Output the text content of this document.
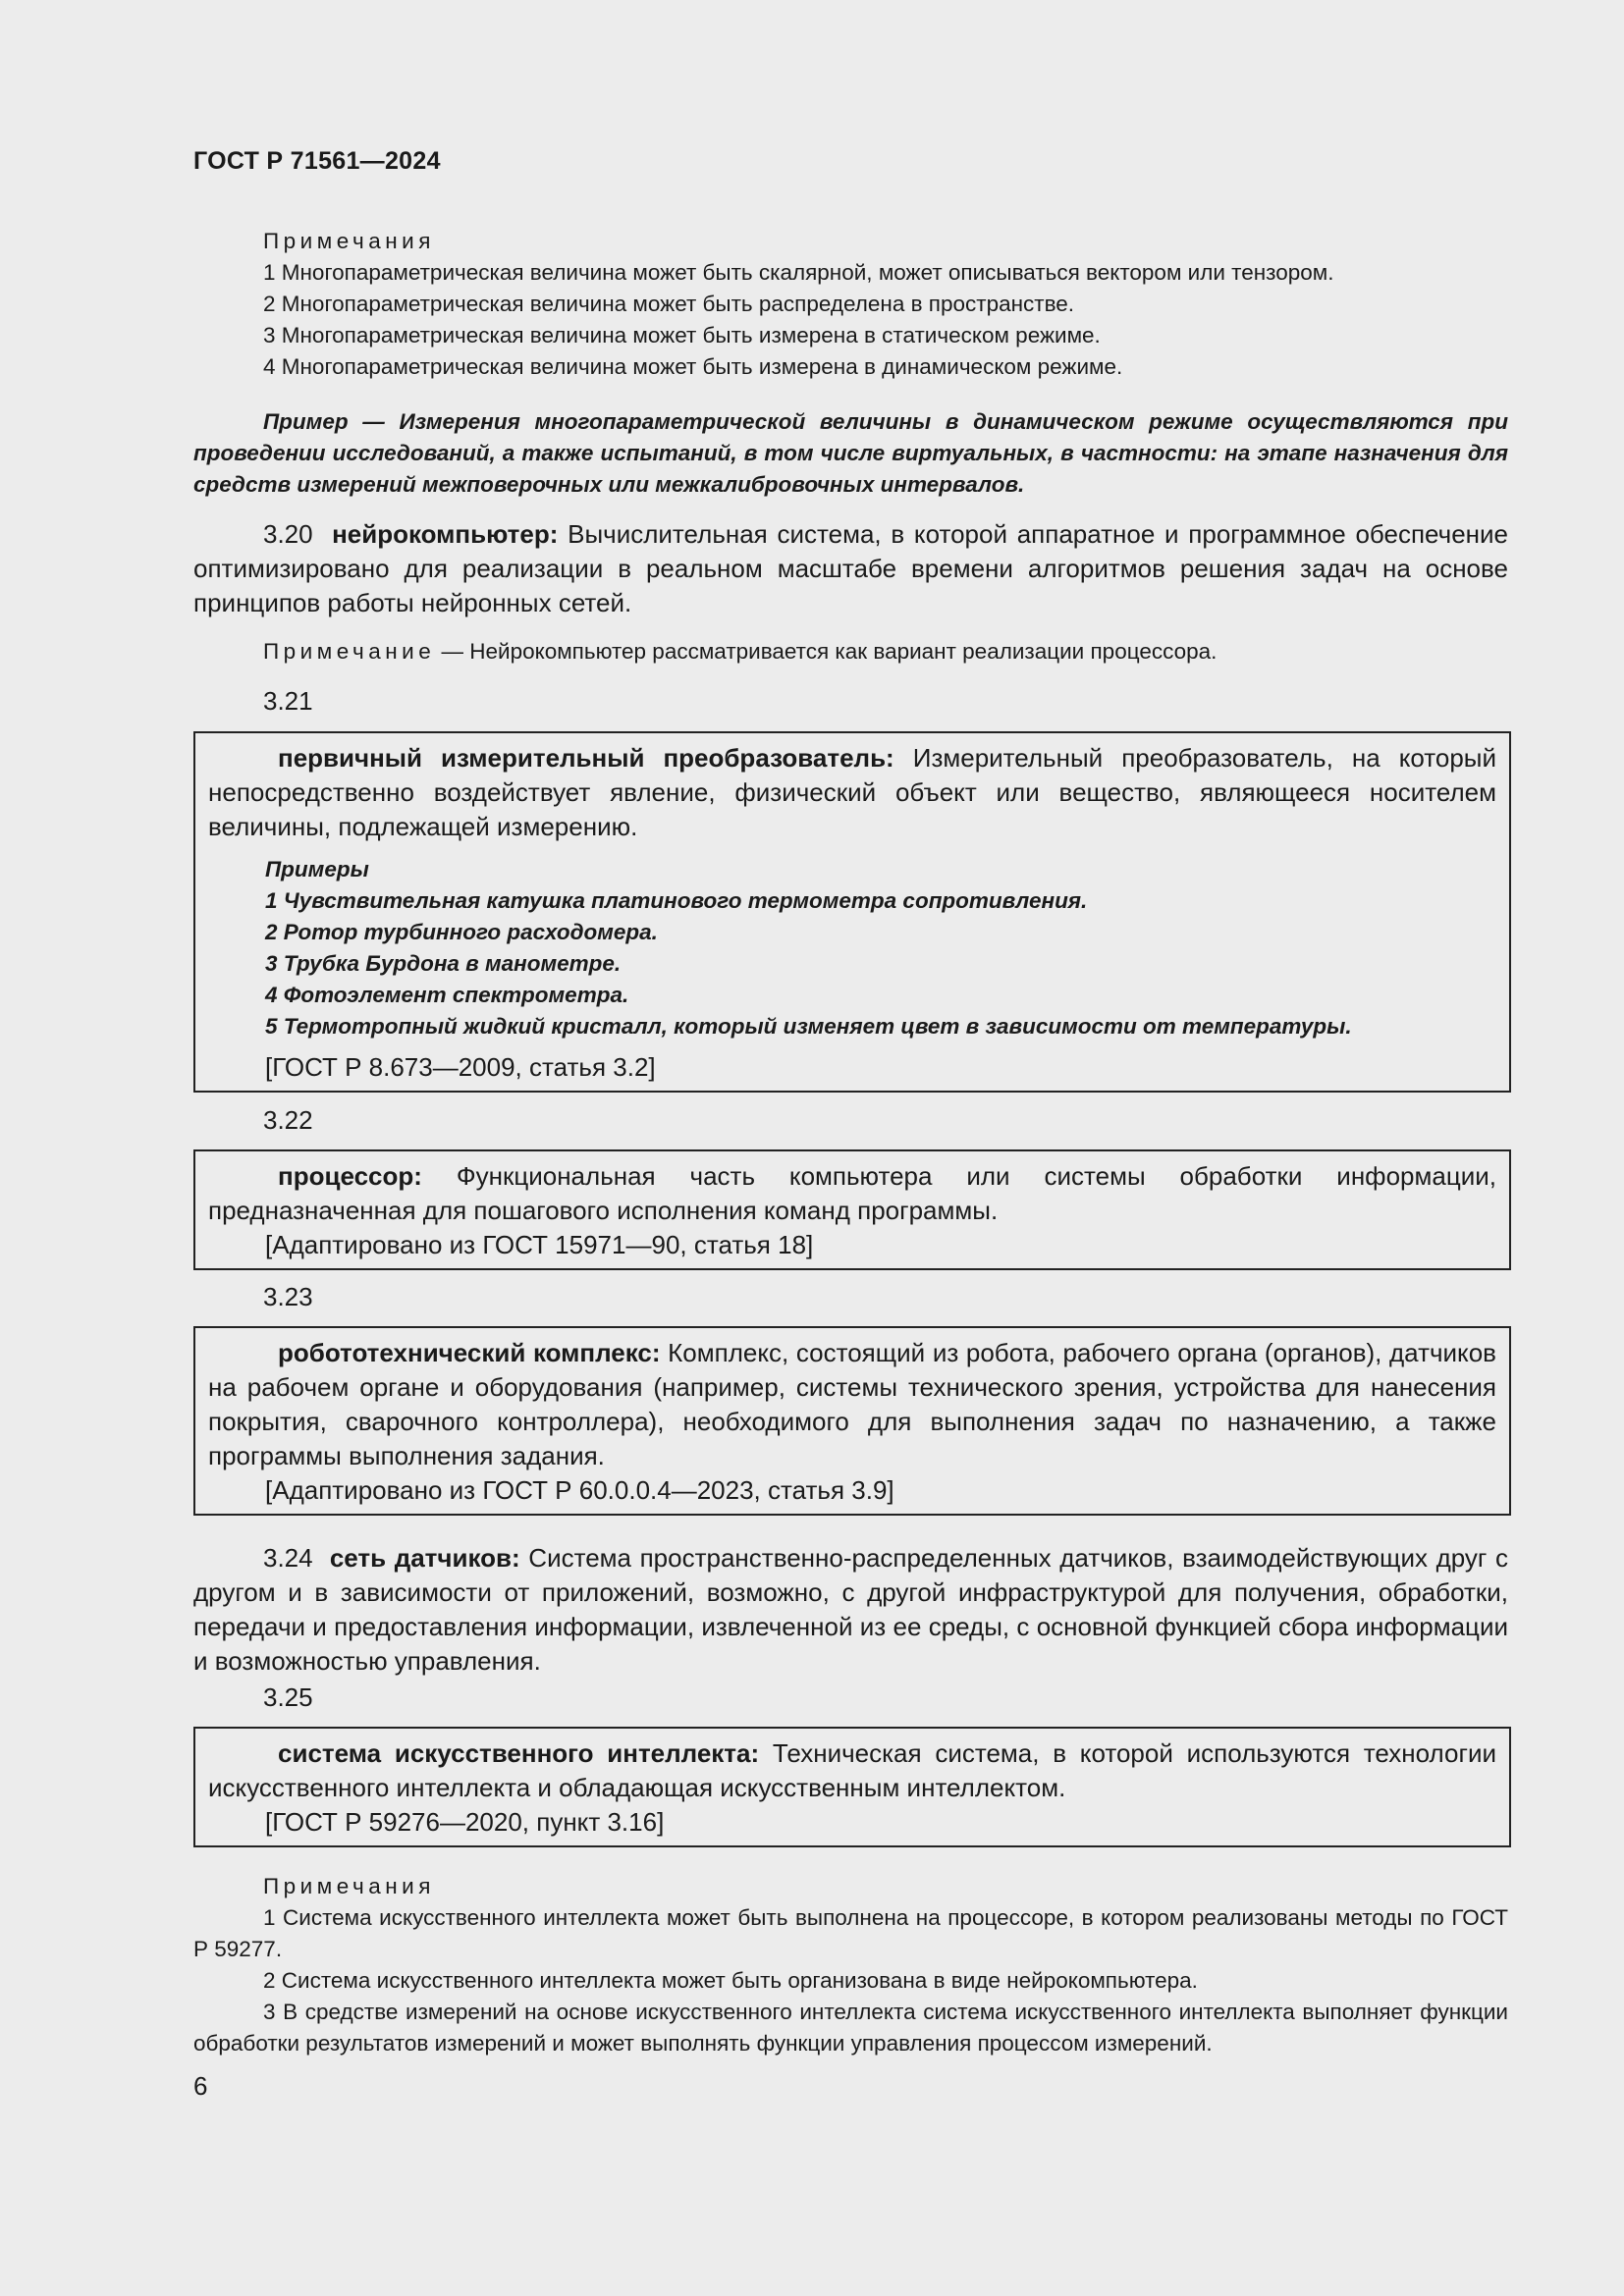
ГОСТ Р 71561—2024

Примечания

1 Многопараметрическая величина может быть скалярной, может описываться вектором или тензором.

2 Многопараметрическая величина может быть распределена в пространстве.

3 Многопараметрическая величина может быть измерена в статическом режиме.

4 Многопараметрическая величина может быть измерена в динамическом режиме.

Пример — Измерения многопараметрической величины в динамическом режиме осуществляются при проведении исследований, а также испытаний, в том числе виртуальных, в частности: на этапе назначения для средств измерений межповерочных или межкалибровочных интервалов.
3.20 нейрокомпьютер: Вычислительная система, в которой аппаратное и программное обеспечение оптимизировано для реализации в реальном масштабе времени алгоритмов решения задач на основе принципов работы нейронных сетей.

Примечание — Нейрокомпьютер рассматривается как вариант реализации процессора.

3.21

первичный измерительный преобразователь: Измерительный преобразователь, на который непосредственно воздействует явление, физический объект или вещество, являющееся носителем величины, подлежащей измерению.

Примеры

1 Чувствительная катушка платинового термометра сопротивления.

2 Ротор турбинного расходомера.

3 Трубка Бурдона в манометре.

4 Фотоэлемент спектрометра.

5 Термотропный жидкий кристалл, который изменяет цвет в зависимости от температуры.

[ГОСТ Р 8.673—2009, статья 3.2]

3.22

процессор: Функциональная часть компьютера или системы обработки информации, предназначенная для пошагового исполнения команд программы.

[Адаптировано из ГОСТ 15971—90, статья 18]

3.23

робототехнический комплекс: Комплекс, состоящий из робота, рабочего органа (органов), датчиков на рабочем органе и оборудования (например, системы технического зрения, устройства для нанесения покрытия, сварочного контроллера), необходимого для выполнения задач по назначению, а также программы выполнения задания.

[Адаптировано из ГОСТ Р 60.0.0.4—2023, статья 3.9]

3.24 сеть датчиков: Система пространственно-распределенных датчиков, взаимодействующих друг с другом и в зависимости от приложений, возможно, с другой инфраструктурой для получения, обработки, передачи и предоставления информации, извлеченной из ее среды, с основной функцией сбора информации и возможностью управления.
3.25

система искусственного интеллекта: Техническая система, в которой используются технологии искусственного интеллекта и обладающая искусственным интеллектом.

[ГОСТ Р 59276—2020, пункт 3.16]

Примечания

1 Система искусственного интеллекта может быть выполнена на процессоре, в котором реализованы методы по ГОСТ Р 59277.

2 Система искусственного интеллекта может быть организована в виде нейрокомпьютера.

3 В средстве измерений на основе искусственного интеллекта система искусственного интеллекта выполняет функции обработки результатов измерений и может выполнять функции управления процессом измерений.

6
